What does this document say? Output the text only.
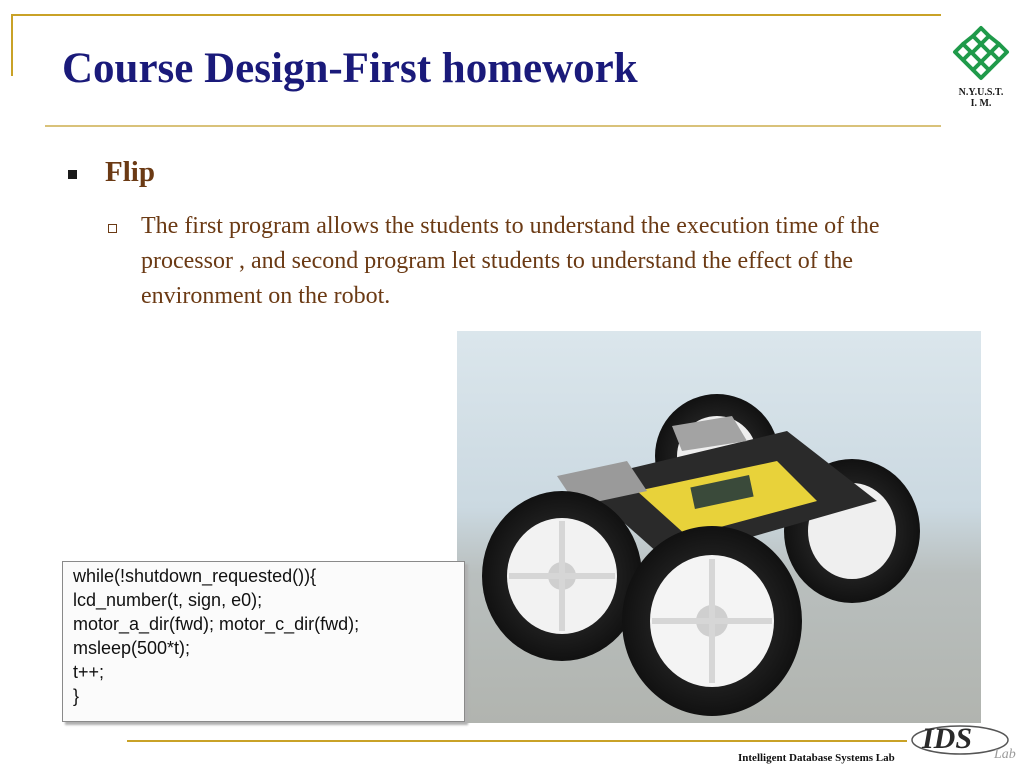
Course Design-First homework
N.Y.U.S.T.
I. M.
Flip
The first program allows the students to understand the execution time of the processor , and second program let students to understand the effect of the environment on the robot.
while(!shutdown_requested()){
lcd_number(t, sign, e0);
motor_a_dir(fwd); motor_c_dir(fwd);
msleep(500*t);
t++;
}
Intelligent Database Systems Lab
IDS Lab
